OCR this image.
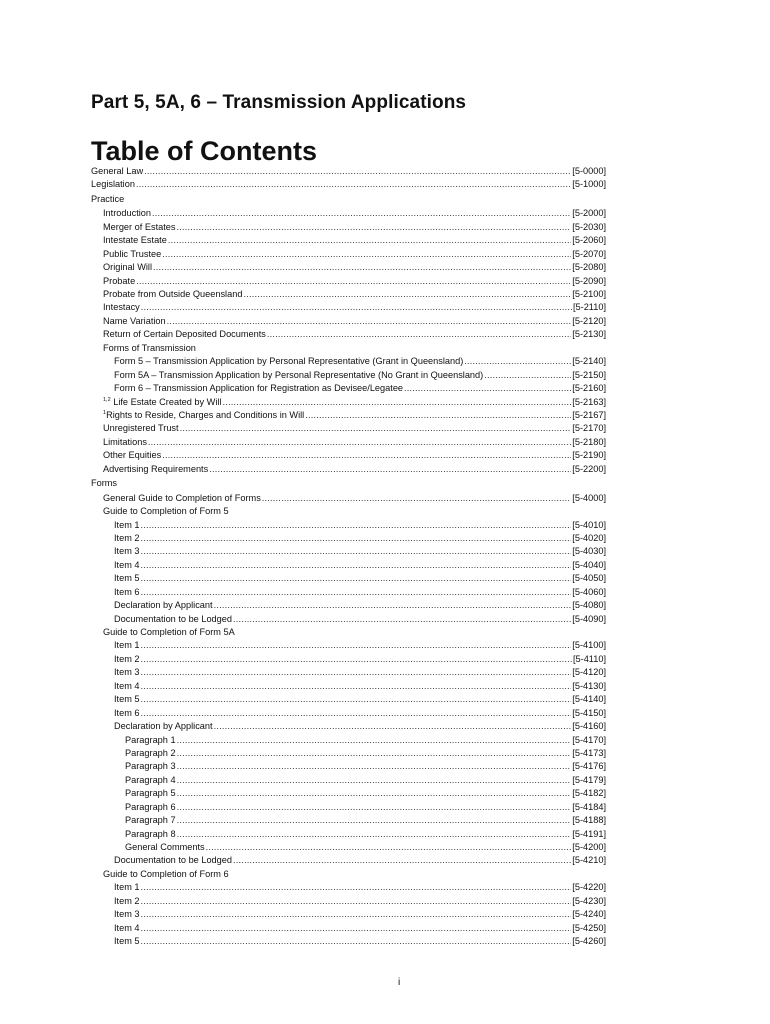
Part 5, 5A, 6 – Transmission Applications
Table of Contents
General Law .....	[5-0000]
Legislation .....	[5-1000]
Practice
Introduction .....	[5-2000]
Merger of Estates .....	[5-2030]
Intestate Estate .....	[5-2060]
Public Trustee .....	[5-2070]
Original Will .....	[5-2080]
Probate .....	[5-2090]
Probate from Outside Queensland .....	[5-2100]
Intestacy .....	[5-2110]
Name Variation .....	[5-2120]
Return of Certain Deposited Documents .....	[5-2130]
Forms of Transmission
Form 5 – Transmission Application by Personal Representative (Grant in Queensland) .....	[5-2140]
Form 5A – Transmission Application by Personal Representative (No Grant in Queensland) .....	[5-2150]
Form 6 – Transmission Application for Registration as Devisee/Legatee .....	[5-2160]
$^{1,2}$ Life Estate Created by Will .....	[5-2163]
$^1$Rights to Reside, Charges and Conditions in Will .....	[5-2167]
Unregistered Trust .....	[5-2170]
Limitations .....	[5-2180]
Other Equities .....	[5-2190]
Advertising Requirements .....	[5-2200]
Forms
General Guide to Completion of Forms .....	[5-4000]
Guide to Completion of Form 5
Item 1 .....	[5-4010]
Item 2 .....	[5-4020]
Item 3 .....	[5-4030]
Item 4 .....	[5-4040]
Item 5 .....	[5-4050]
Item 6 .....	[5-4060]
Declaration by Applicant .....	[5-4080]
Documentation to be Lodged .....	[5-4090]
Guide to Completion of Form 5A
Item 1 .....	[5-4100]
Item 2 .....	[5-4110]
Item 3 .....	[5-4120]
Item 4 .....	[5-4130]
Item 5 .....	[5-4140]
Item 6 .....	[5-4150]
Declaration by Applicant .....	[5-4160]
Paragraph 1 .....	[5-4170]
Paragraph 2 .....	[5-4173]
Paragraph 3 .....	[5-4176]
Paragraph 4 .....	[5-4179]
Paragraph 5 .....	[5-4182]
Paragraph 6 .....	[5-4184]
Paragraph 7 .....	[5-4188]
Paragraph 8 .....	[5-4191]
General Comments .....	[5-4200]
Documentation to be Lodged .....	[5-4210]
Guide to Completion of Form 6
Item 1 .....	[5-4220]
Item 2 .....	[5-4230]
Item 3 .....	[5-4240]
Item 4 .....	[5-4250]
Item 5 .....	[5-4260]
i
